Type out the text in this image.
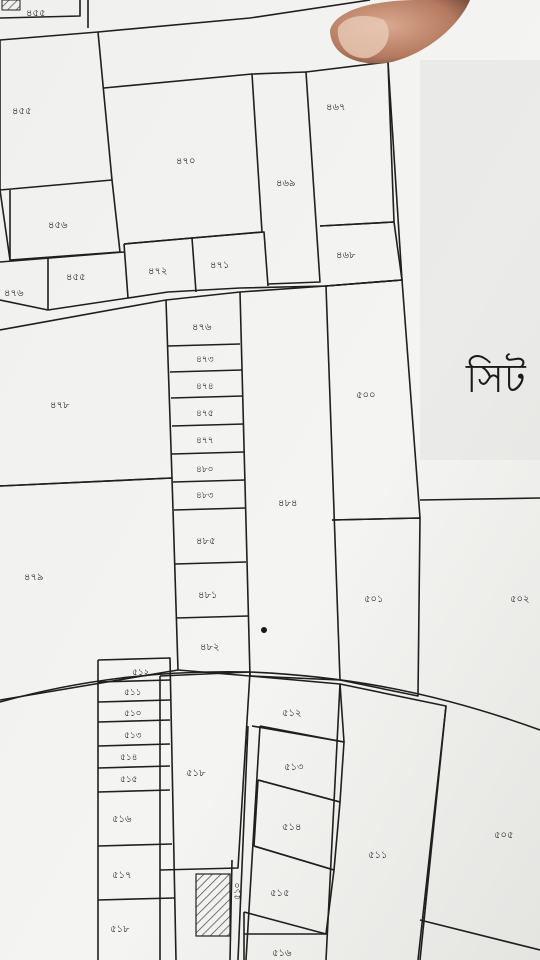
৪৫৫
৪৫৫
৪৫৬
৪৭০
৪৬৯
৪৬৭
৪৬৮
৪৭৬
৪৫৫
৪৭২
৪৭১
৪৭৮
৪৭৯
৪৭৬
৪৭৩
৪৭৪
৪৭৫
৪৭৭
৪৮০
৪৮৩
৪৮৫
৪৮১
৪৮২
৪৮৪
৫০০
৫০১	৫০২
৫১২
৫১১
৫১০
৫১৩
৫১৪
৫১৫
৫১৬
৫১৭
৫১৮
৫১৮
৫১২
৫১৩
৫১৪
৫১৫
৫১৬
৫১১
৫০৫
৫১০
সিট
